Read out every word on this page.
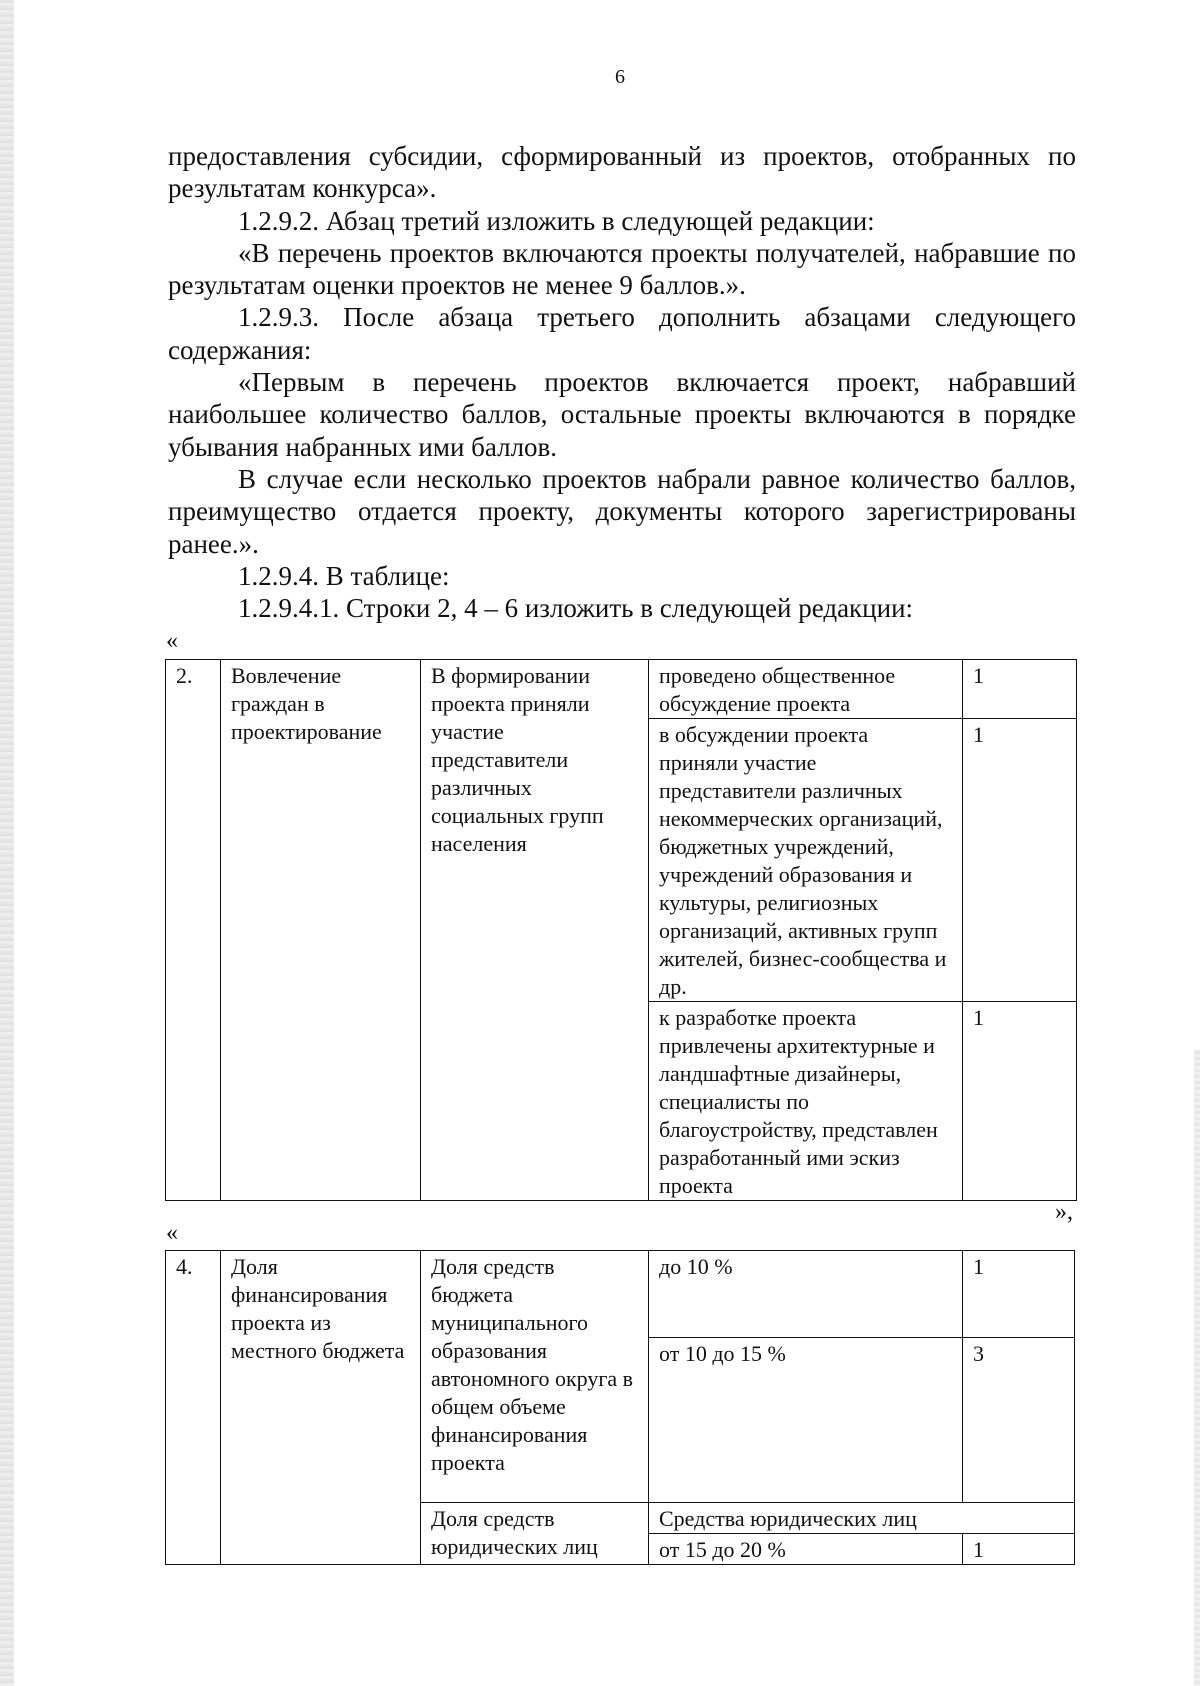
6

предоставления субсидии, сформированный из проектов, отобранных по результатам конкурса».

1.2.9.2. Абзац третий изложить в следующей редакции:

«В перечень проектов включаются проекты получателей, набравшие по результатам оценки проектов не менее 9 баллов.».

1.2.9.3. После абзаца третьего дополнить абзацами следующего содержания:

«Первым в перечень проектов включается проект, набравший наибольшее количество баллов, остальные проекты включаются в порядке убывания набранных ими баллов.

В случае если несколько проектов набрали равное количество баллов, преимущество отдается проекту, документы которого зарегистрированы ранее.».

1.2.9.4. В таблице:

1.2.9.4.1. Строки 2, 4 – 6 изложить в следующей редакции:

«
2.	Вовлечение граждан в проектирование	В формировании проекта приняли участие представители различных социальных групп населения	проведено общественное обсуждение проекта	1
			в обсуждении проекта приняли участие представители различных некоммерческих организаций, бюджетных учреждений, учреждений образования и культуры, религиозных организаций, активных групп жителей, бизнес-сообщества и др.	1
			к разработке проекта привлечены архитектурные и ландшафтные дизайнеры, специалисты по благоустройству, представлен разработанный ими эскиз проекта	1
»,
«
4.	Доля финансирования проекта из местного бюджета	Доля средств бюджета муниципального образования автономного округа в общем объеме финансирования проекта	до 10 %	1
			от 10 до 15 %	3
		Доля средств юридических лиц	Средства юридических лиц	
			от 15 до 20 %	1
